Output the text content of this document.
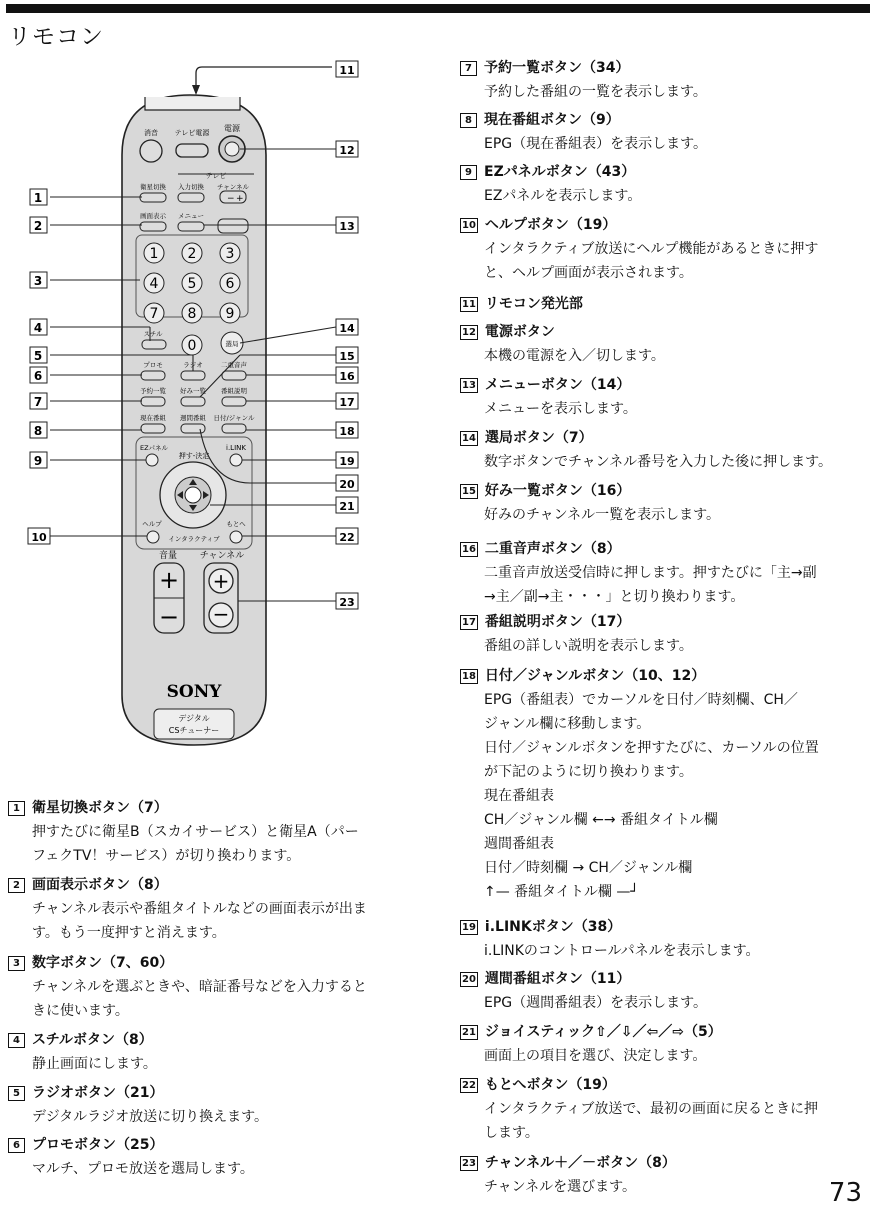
リモコン
消音 テレビ電源 電源
テレビ
入力切換 チャンネル
衛星切換
− +
画面表示 メニュー
1 2 3
4 5 6
7 8 9
0	選局
スチル
プロモ	ラジオ	二重音声
予約一覧 好み一覧 番組説明
現在番組 週間番組 日付/ジャンル
EZパネル	i.LINK
押す-決定
ヘルプ	もとへ
インタラクティブ
音量	チャンネル
+
−
+
−
SONY
デジタル
CSチューナー
1
2
3
4
5
6
7
8
9
10
11
12
13
14
15
16
17
18
19
20
21
22
23
1 衛星切換ボタン（7）
押すたびに衛星B（スカイサービス）と衛星A（パー
フェクTV！サービス）が切り換わります。
2 画面表示ボタン（8）
チャンネル表示や番組タイトルなどの画面表示が出ま
す。もう一度押すと消えます。
3 数字ボタン（7、60）
チャンネルを選ぶときや、暗証番号などを入力すると
きに使います。
4 スチルボタン（8）
静止画面にします。
5 ラジオボタン（21）
デジタルラジオ放送に切り換えます。
6 プロモボタン（25）
マルチ、プロモ放送を選局します。
7 予約一覧ボタン（34）
予約した番組の一覧を表示します。
8 現在番組ボタン（9）
EPG（現在番組表）を表示します。
9 EZパネルボタン（43）
EZパネルを表示します。
10 ヘルプボタン（19）
インタラクティブ放送にヘルプ機能があるときに押す
と、ヘルプ画面が表示されます。
11 リモコン発光部
12 電源ボタン
本機の電源を入／切します。
13 メニューボタン（14）
メニューを表示します。
14 選局ボタン（7）
数字ボタンでチャンネル番号を入力した後に押します。
15 好み一覧ボタン（16）
好みのチャンネル一覧を表示します。
16 二重音声ボタン（8）
二重音声放送受信時に押します。押すたびに「主→副
→主／副→主・・・」と切り換わります。
17 番組説明ボタン（17）
番組の詳しい説明を表示します。
18 日付／ジャンルボタン（10、12）
EPG（番組表）でカーソルを日付／時刻欄、CH／
ジャンル欄に移動します。
日付／ジャンルボタンを押すたびに、カーソルの位置
が下記のように切り換わります。
現在番組表
CH／ジャンル欄 ←→ 番組タイトル欄
週間番組表
日付／時刻欄 → CH／ジャンル欄
↑— 番組タイトル欄 —┘
19 i.LINKボタン（38）
i.LINKのコントロールパネルを表示します。
20 週間番組ボタン（11）
EPG（週間番組表）を表示します。
21 ジョイスティック⇧／⇩／⇦／⇨（5）
画面上の項目を選び、決定します。
22 もとへボタン（19）
インタラクティブ放送で、最初の画面に戻るときに押
します。
23 チャンネル＋／－ボタン（8）
チャンネルを選びます。	73
